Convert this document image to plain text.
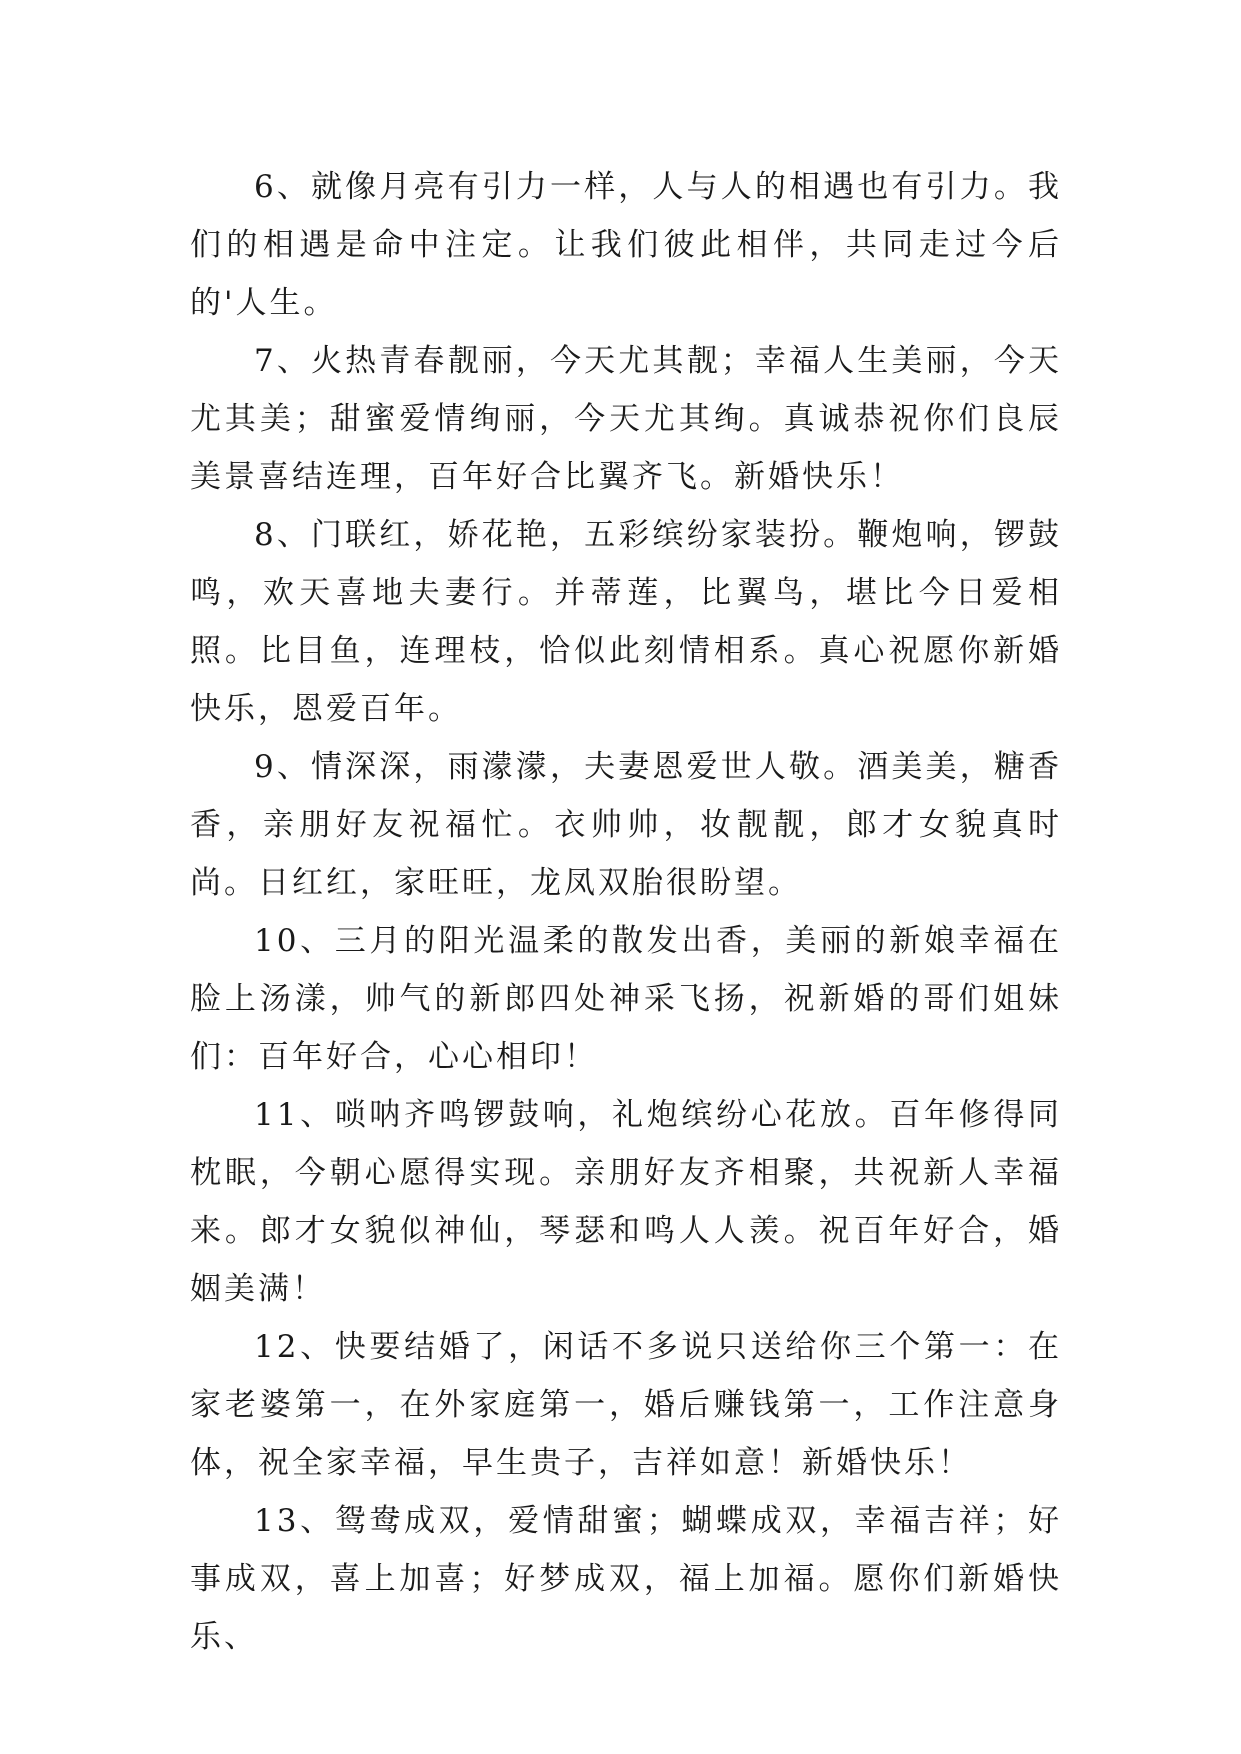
6、就像月亮有引力一样，人与人的相遇也有引力。我们的相遇是命中注定。让我们彼此相伴，共同走过今后的'人生。

7、火热青春靓丽，今天尤其靓；幸福人生美丽，今天尤其美；甜蜜爱情绚丽，今天尤其绚。真诚恭祝你们良辰美景喜结连理，百年好合比翼齐飞。新婚快乐！

8、门联红，娇花艳，五彩缤纷家装扮。鞭炮响，锣鼓鸣，欢天喜地夫妻行。并蒂莲，比翼鸟，堪比今日爱相照。比目鱼，连理枝，恰似此刻情相系。真心祝愿你新婚快乐，恩爱百年。

9、情深深，雨濛濛，夫妻恩爱世人敬。酒美美，糖香香，亲朋好友祝福忙。衣帅帅，妆靓靓，郎才女貌真时尚。日红红，家旺旺，龙凤双胎很盼望。

10、三月的阳光温柔的散发出香，美丽的新娘幸福在脸上汤漾，帅气的新郎四处神采飞扬，祝新婚的哥们姐妹们：百年好合，心心相印！

11、唢呐齐鸣锣鼓响，礼炮缤纷心花放。百年修得同枕眠，今朝心愿得实现。亲朋好友齐相聚，共祝新人幸福来。郎才女貌似神仙，琴瑟和鸣人人羡。祝百年好合，婚姻美满！

12、快要结婚了，闲话不多说只送给你三个第一：在家老婆第一，在外家庭第一，婚后赚钱第一，工作注意身体，祝全家幸福，早生贵子，吉祥如意！新婚快乐！

13、鸳鸯成双，爱情甜蜜；蝴蝶成双，幸福吉祥；好事成双，喜上加喜；好梦成双，福上加福。愿你们新婚快乐、
